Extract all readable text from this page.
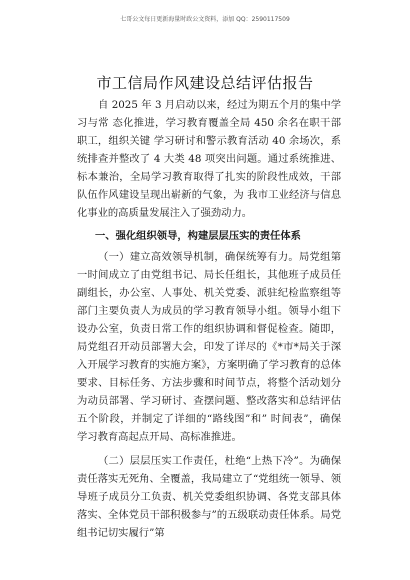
七哥公文每日更新海量时政公文资料，添加 QQ：2590117509
市工信局作风建设总结评估报告

自 2025 年 3 月启动以来，经过为期五个月的集中学习与常 态化推进，学习教育覆盖全局 450 余名在职干部职工，组织关键 学习研讨和警示教育活动 40 余场次，系统排查并整改了 4 大类 48 项突出问题。通过系统推进、标本兼治，全局学习教育取得了扎实的阶段性成效，干部队伍作风建设呈现出崭新的气象，为 我市工业经济与信息化事业的高质量发展注入了强劲动力。

一、强化组织领导，构建层层压实的责任体系

（一）建立高效领导机制，确保统筹有力。局党组第一时间成立了由党组书记、局长任组长，其他班子成员任副组长，办公室、人事处、机关党委、派驻纪检监察组等部门主要负责人为成员的学习教育领导小组。领导小组下设办公室，负责日常工作的组织协调和督促检查。随即，局党组召开动员部署大会，印发了详尽的《*市*局关于深入开展学习教育的实施方案》，方案明确了学习教育的总体要求、目标任务、方法步骤和时间节点，将整个活动划分为动员部署、学习研讨、查摆问题、整改落实和总结评估五个阶段，并制定了详细的“路线图”和” 时间表”，确保 学习教育高起点开局、高标准推进。

（二）层层压实工作责任，杜绝“上热下冷”。为确保责任落实无死角、全覆盖，我局建立了“党组统一领导、领导班子成员分工负责、机关党委组织协调、各党支部具体落实、全体党员干部积极参与”的五级联动责任体系。局党组书记切实履行”第
